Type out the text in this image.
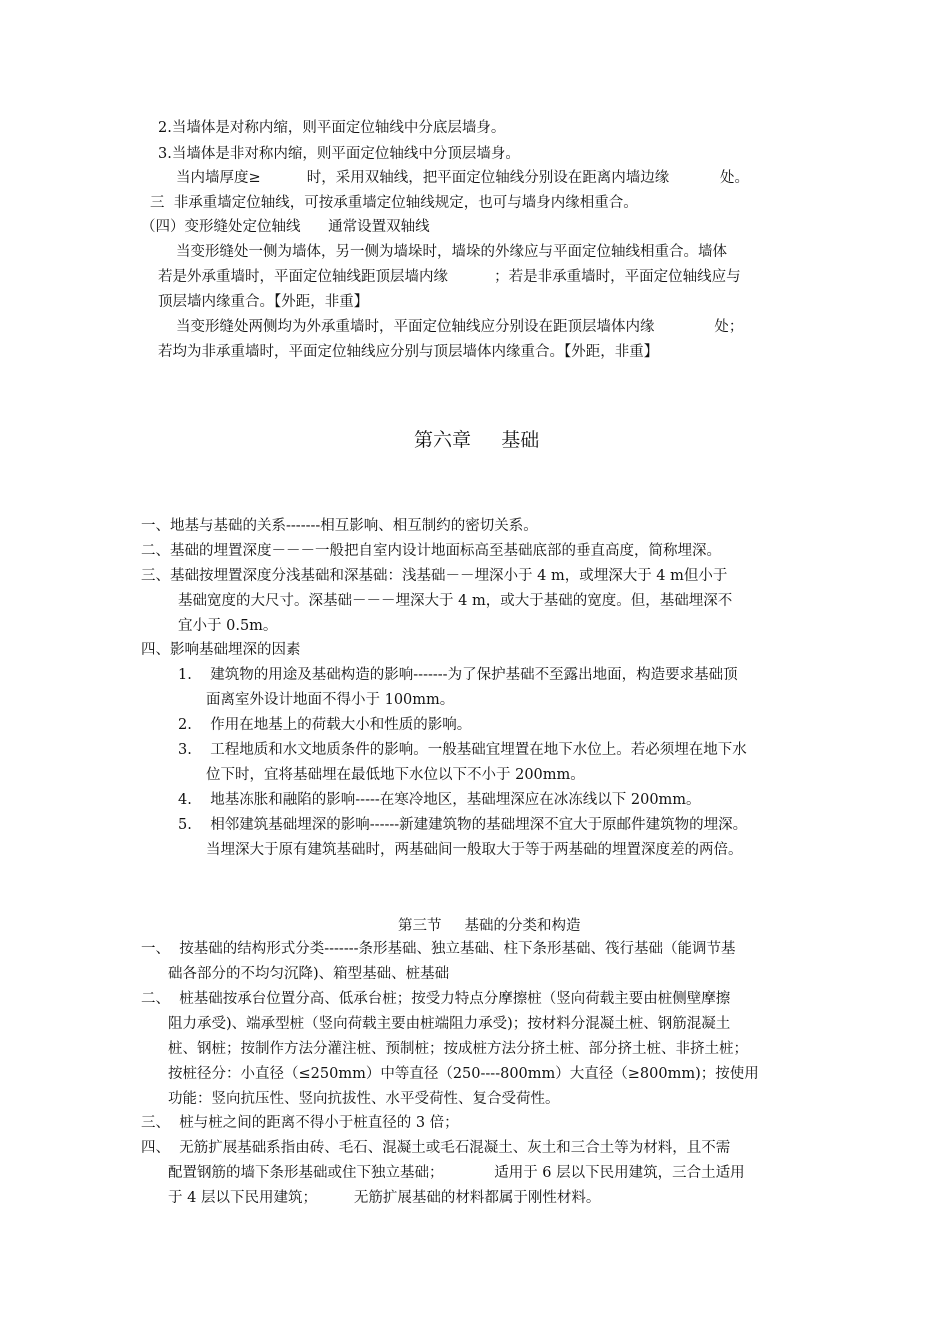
2.当墙体是对称内缩，则平面定位轴线中分底层墙身。
3.当墙体是非对称内缩，则平面定位轴线中分顶层墙身。
当内墙厚度≥          时，采用双轴线，把平面定位轴线分别设在距离内墙边缘           处。
三  非承重墙定位轴线，可按承重墙定位轴线规定，也可与墙身内缘相重合。
（四）变形缝处定位轴线      通常设置双轴线
当变形缝处一侧为墙体，另一侧为墙垛时，墙垛的外缘应与平面定位轴线相重合。墙体
若是外承重墙时，平面定位轴线距顶层墙内缘          ；若是非承重墙时，平面定位轴线应与
顶层墙内缘重合。【外距，非重】
当变形缝处两侧均为外承重墙时，平面定位轴线应分别设在距顶层墙体内缘             处；
若均为非承重墙时，平面定位轴线应分别与顶层墙体内缘重合。【外距，非重】
第六章     基础
一、地基与基础的关系-------相互影响、相互制约的密切关系。
二、基础的埋置深度－－－一般把自室内设计地面标高至基础底部的垂直高度，简称埋深。
三、基础按埋置深度分浅基础和深基础：浅基础－－埋深小于 4 m，或埋深大于 4 m但小于
基础宽度的大尺寸。深基础－－－埋深大于 4 m，或大于基础的宽度。但，基础埋深不
宜小于 0.5m。
四、影响基础埋深的因素
1.    建筑物的用途及基础构造的影响-------为了保护基础不至露出地面，构造要求基础顶
面离室外设计地面不得小于 100mm。
2.    作用在地基上的荷载大小和性质的影响。
3.    工程地质和水文地质条件的影响。一般基础宜埋置在地下水位上。若必须埋在地下水
位下时，宜将基础埋在最低地下水位以下不小于 200mm。
4.    地基冻胀和融陷的影响-----在寒冷地区，基础埋深应在冰冻线以下 200mm。
5.    相邻建筑基础埋深的影响------新建建筑物的基础埋深不宜大于原邮件建筑物的埋深。
当埋深大于原有建筑基础时，两基础间一般取大于等于两基础的埋置深度差的两倍。
第三节     基础的分类和构造
一、  按基础的结构形式分类-------条形基础、独立基础、柱下条形基础、筏行基础（能调节基
础各部分的不均匀沉降)、箱型基础、桩基础
二、  桩基础按承台位置分高、低承台桩；按受力特点分摩擦桩（竖向荷载主要由桩侧壁摩擦
阻力承受)、端承型桩（竖向荷载主要由桩端阻力承受)；按材料分混凝土桩、钢筋混凝土
桩、钢桩；按制作方法分灌注桩、预制桩；按成桩方法分挤土桩、部分挤土桩、非挤土桩；
按桩径分：小直径（≤250mm）中等直径（250----800mm）大直径（≥800mm)；按使用
功能：竖向抗压性、竖向抗拔性、水平受荷性、复合受荷性。
三、  桩与桩之间的距离不得小于桩直径的 3 倍；
四、  无筋扩展基础系指由砖、毛石、混凝土或毛石混凝土、灰土和三合土等为材料，且不需
配置钢筋的墙下条形基础或住下独立基础；           适用于 6 层以下民用建筑，三合土适用
于 4 层以下民用建筑；        无筋扩展基础的材料都属于刚性材料。
